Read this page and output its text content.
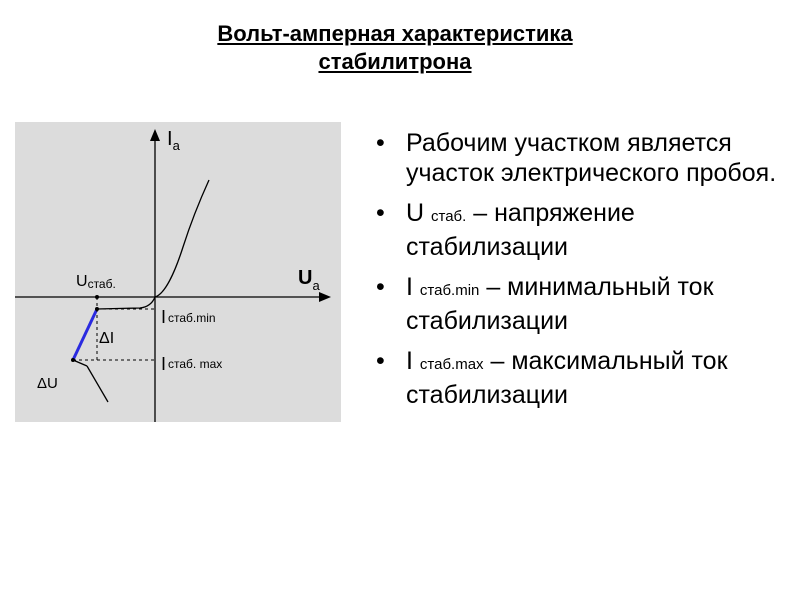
Вольт-амперная характеристика
стабилитрона
$I_а$
$U_а$
Uстаб.
Iстаб.min
Iстаб. max
ΔI
ΔU
• Рабочим участком является участок электрического пробоя.
• U стаб. – напряжение стабилизации
• I стаб.min – минимальный ток стабилизации
• I стаб.max – максимальный ток стабилизации
